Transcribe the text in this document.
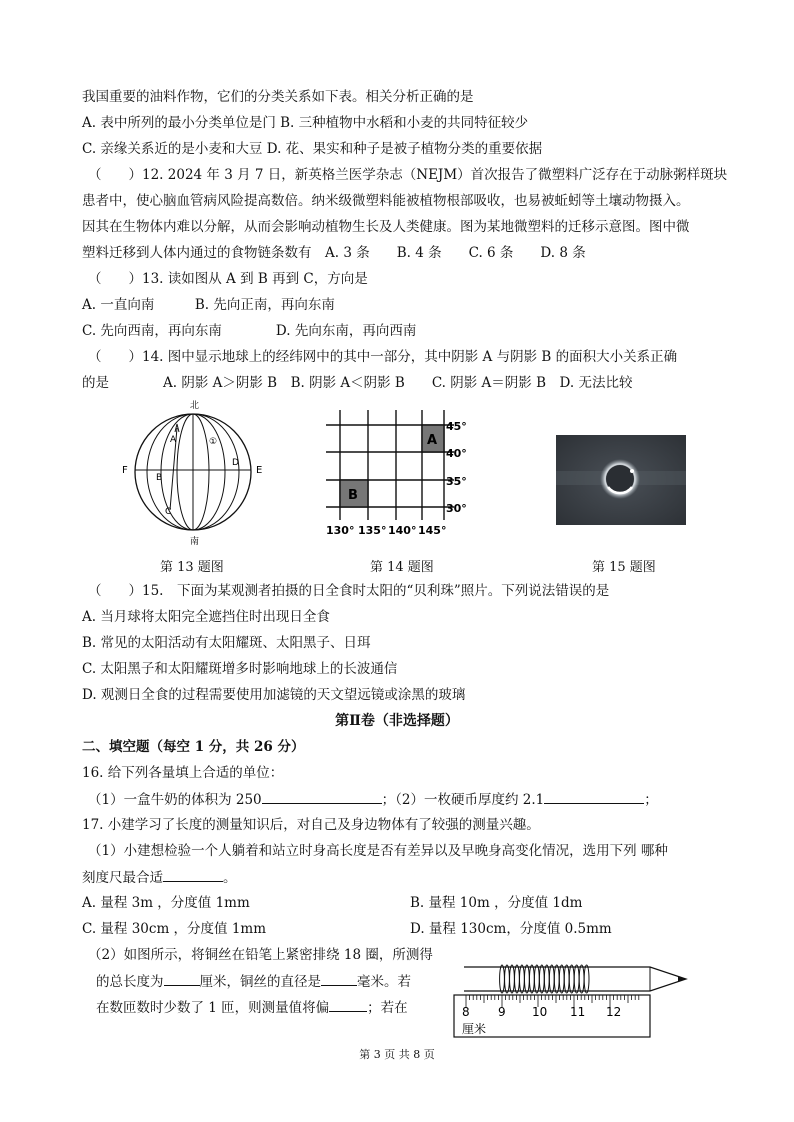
我国重要的油料作物，它们的分类关系如下表。相关分析正确的是
A. 表中所列的最小分类单位是门 B. 三种植物中水稻和小麦的共同特征较少
C. 亲缘关系近的是小麦和大豆 D. 花、果实和种子是被子植物分类的重要依据
（　　）12. 2024 年 3 月 7 日，新英格兰医学杂志（NEJM）首次报告了微塑料广泛存在于动脉粥样斑块
患者中，使心脑血管病风险提高数倍。纳米级微塑料能被植物根部吸收，也易被蚯蚓等土壤动物摄入。
因其在生物体内难以分解，从而会影响动植物生长及人类健康。图为某地微塑料的迁移示意图。图中微
塑料迁移到人体内通过的食物链条数有　A. 3 条　　B. 4 条　　C. 6 条　　D. 8 条
（　　）13. 读如图从 A 到 B 再到 C，方向是
A. 一直向南　　　B. 先向正南，再向东南
C. 先向西南，再向东南　　　　D. 先向东南，再向西南
（　　）14. 图中显示地球上的经纬网中的其中一部分，其中阴影 A 与阴影 B 的面积大小关系正确
的是　　　　A. 阴影 A＞阴影 B　B. 阴影 A＜阴影 B　　C. 阴影 A＝阴影 B　D. 无法比较
北
南
F	E
A
B
C
D
①	A
B
45°
40°
35°
30°
130° 135° 140° 145°
第 13 题图	第 14 题图	第 15 题图
（　　）15.　下面为某观测者拍摄的日全食时太阳的“贝利珠”照片。下列说法错误的是
A. 当月球将太阳完全遮挡住时出现日全食
B. 常见的太阳活动有太阳耀斑、太阳黑子、日珥
C. 太阳黑子和太阳耀斑增多时影响地球上的长波通信
D. 观测日全食的过程需要使用加滤镜的天文望远镜或涂黑的玻璃
第Ⅱ卷（非选择题）
二、填空题（每空 1 分，共 26 分）
16. 给下列各量填上合适的单位：
（1）一盒牛奶的体积为 250	；（2）一枚硬币厚度约 2.1	；
17. 小建学习了长度的测量知识后，对自己及身边物体有了较强的测量兴趣。
（1）小建想检验一个人躺着和站立时身高长度是否有差异以及早晚身高变化情况，选用下列 哪种
刻度尺最合适	。
A. 量程 3m ，分度值 1mm	B. 量程 10m ，分度值 1dm
C. 量程 30cm ，分度值 1mm	D. 量程 130cm，分度值 0.5mm
（2）如图所示，将铜丝在铅笔上紧密排绕 18 圈，所测得
的总长度为	厘米，铜丝的直径是	毫米。若
在数匝数时少数了 1 匝，则测量值将偏	；若在	8 9 10 11 12
厘米
第 3 页 共 8 页
